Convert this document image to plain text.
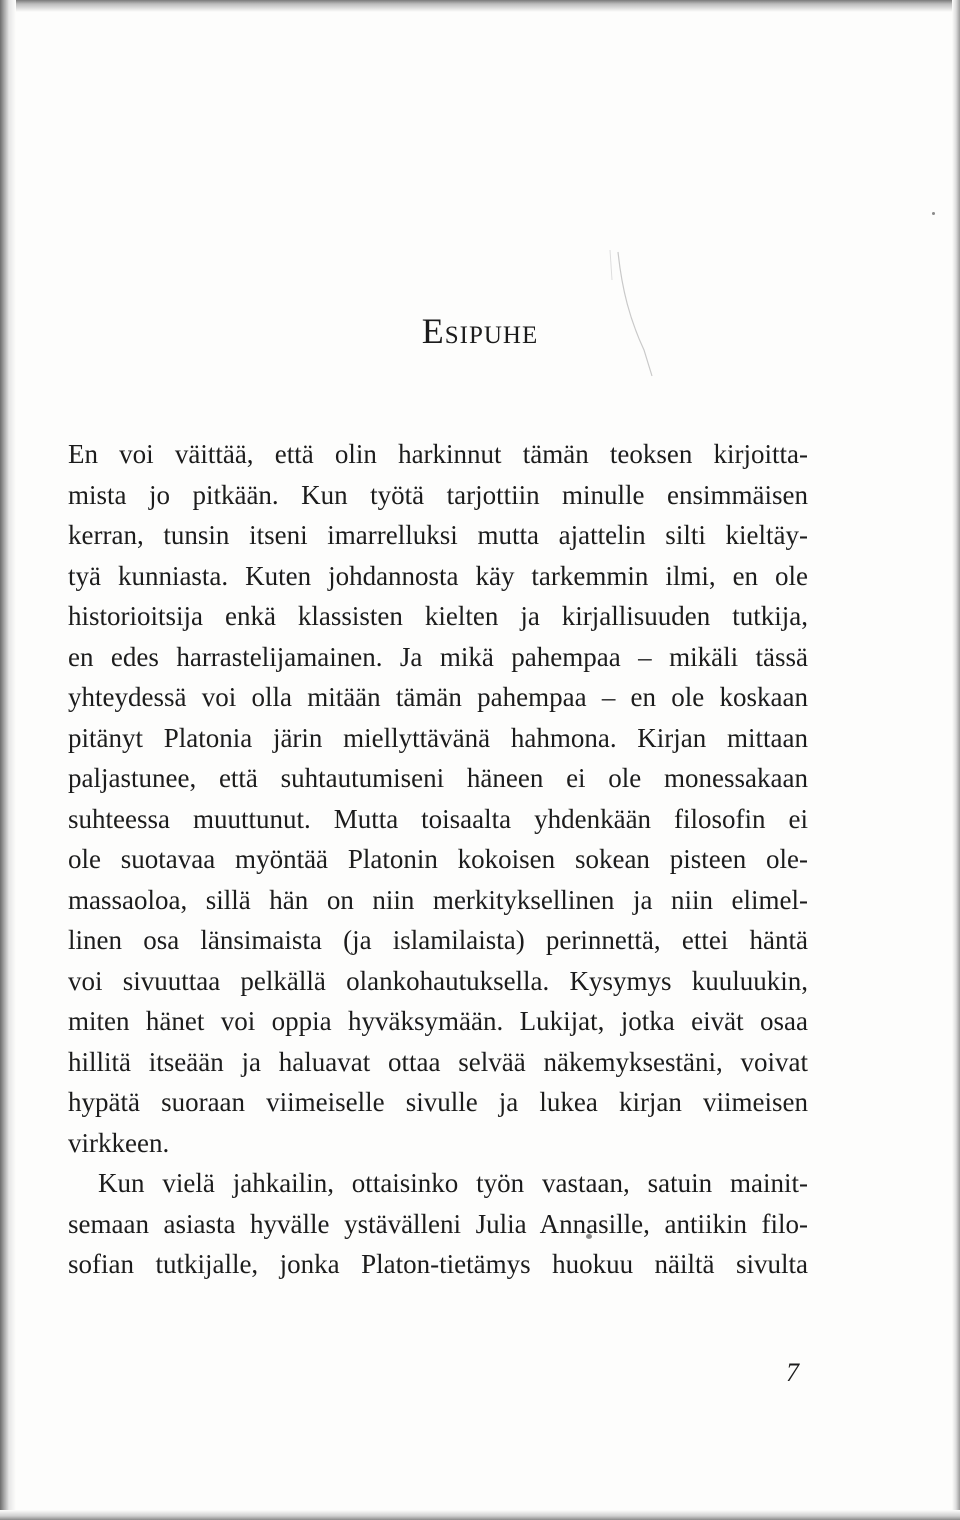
Esipuhe
En voi väittää, että olin harkinnut tämän teoksen kirjoitta-
mista jo pitkään. Kun työtä tarjottiin minulle ensimmäisen
kerran, tunsin itseni imarrelluksi mutta ajattelin silti kieltäy-
tyä kunniasta. Kuten johdannosta käy tarkemmin ilmi, en ole
historioitsija enkä klassisten kielten ja kirjallisuuden tutkija,
en edes harrastelijamainen. Ja mikä pahempaa – mikäli tässä
yhteydessä voi olla mitään tämän pahempaa – en ole koskaan
pitänyt Platonia järin miellyttävänä hahmona. Kirjan mittaan
paljastunee, että suhtautumiseni häneen ei ole monessakaan
suhteessa muuttunut. Mutta toisaalta yhdenkään filosofin ei
ole suotavaa myöntää Platonin kokoisen sokean pisteen ole-
massaoloa, sillä hän on niin merkityksellinen ja niin elimel-
linen osa länsimaista (ja islamilaista) perinnettä, ettei häntä
voi sivuuttaa pelkällä olankohautuksella. Kysymys kuuluukin,
miten hänet voi oppia hyväksymään. Lukijat, jotka eivät osaa
hillitä itseään ja haluavat ottaa selvää näkemyksestäni, voivat
hypätä suoraan viimeiselle sivulle ja lukea kirjan viimeisen
virkkeen.
Kun vielä jahkailin, ottaisinko työn vastaan, satuin mainit-
semaan asiasta hyvälle ystävälleni Julia Annasille, antiikin filo-
sofian tutkijalle, jonka Platon-tietämys huokuu näiltä sivulta
7
